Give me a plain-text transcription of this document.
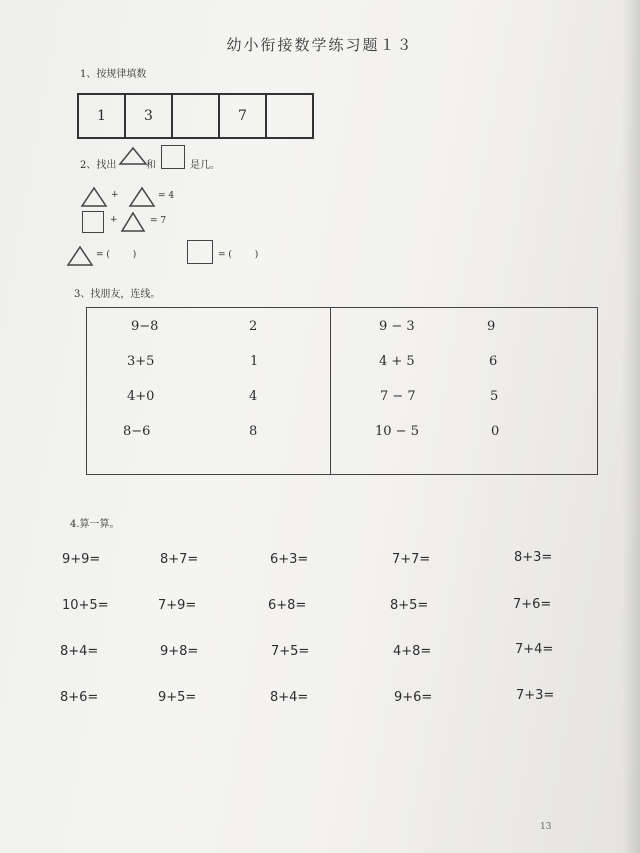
幼小衔接数学练习题１３
1、按规律填数
1	3	7
2、找出	和	是几。
+	= 4
+	= 7
= (        )	= (        )
3、找朋友，连线。
9−8	2
3+5	1
4+0	4
8−6	8
9 − 3	9
4 + 5	6
7 − 7	5
10 − 5	0
4.算一算。
9+9=	8+7=	6+3=	7+7=	8+3=
10+5=	7+9=	6+8=	8+5=	7+6=
8+4=	9+8=	7+5=	4+8=	7+4=
8+6=	9+5=	8+4=	9+6=	7+3=
13
